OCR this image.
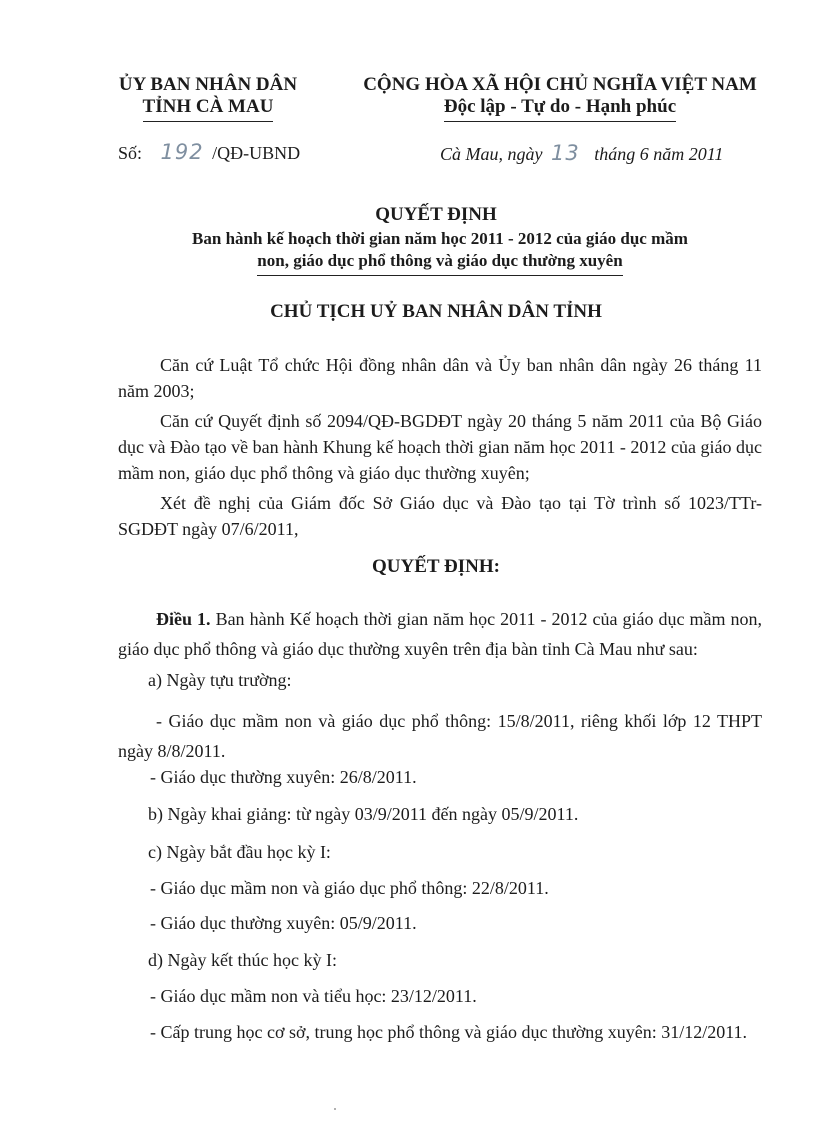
ỦY BAN NHÂN DÂN
TỈNH CÀ MAU
CỘNG HÒA XÃ HỘI CHỦ NGHĨA VIỆT NAM
Độc lập - Tự do - Hạnh phúc
Số: 192 /QĐ-UBND	Cà Mau, ngày 13 tháng 6 năm 2011
QUYẾT ĐỊNH
Ban hành kế hoạch thời gian năm học 2011 - 2012 của giáo dục mầm
non, giáo dục phổ thông và giáo dục thường xuyên
CHỦ TỊCH UỶ BAN NHÂN DÂN TỈNH
Căn cứ Luật Tổ chức Hội đồng nhân dân và Ủy ban nhân dân ngày 26 tháng 11 năm 2003;
Căn cứ Quyết định số 2094/QĐ-BGDĐT ngày 20 tháng 5 năm 2011 của Bộ Giáo dục và Đào tạo về ban hành Khung kế hoạch thời gian năm học 2011 - 2012 của giáo dục mầm non, giáo dục phổ thông và giáo dục thường xuyên;
Xét đề nghị của Giám đốc Sở Giáo dục và Đào tạo tại Tờ trình số 1023/TTr-SGDĐT ngày 07/6/2011,
QUYẾT ĐỊNH:
Điều 1. Ban hành Kế hoạch thời gian năm học 2011 - 2012 của giáo dục mầm non, giáo dục phổ thông và giáo dục thường xuyên trên địa bàn tỉnh Cà Mau như sau:
a) Ngày tựu trường:
- Giáo dục mầm non và giáo dục phổ thông: 15/8/2011, riêng khối lớp 12 THPT ngày 8/8/2011.
- Giáo dục thường xuyên: 26/8/2011.
b) Ngày khai giảng: từ ngày 03/9/2011 đến ngày 05/9/2011.
c) Ngày bắt đầu học kỳ I:
- Giáo dục mầm non và giáo dục phổ thông: 22/8/2011.
- Giáo dục thường xuyên: 05/9/2011.
d) Ngày kết thúc học kỳ I:
- Giáo dục mầm non và tiểu học: 23/12/2011.
- Cấp trung học cơ sở, trung học phổ thông và giáo dục thường xuyên: 31/12/2011.
